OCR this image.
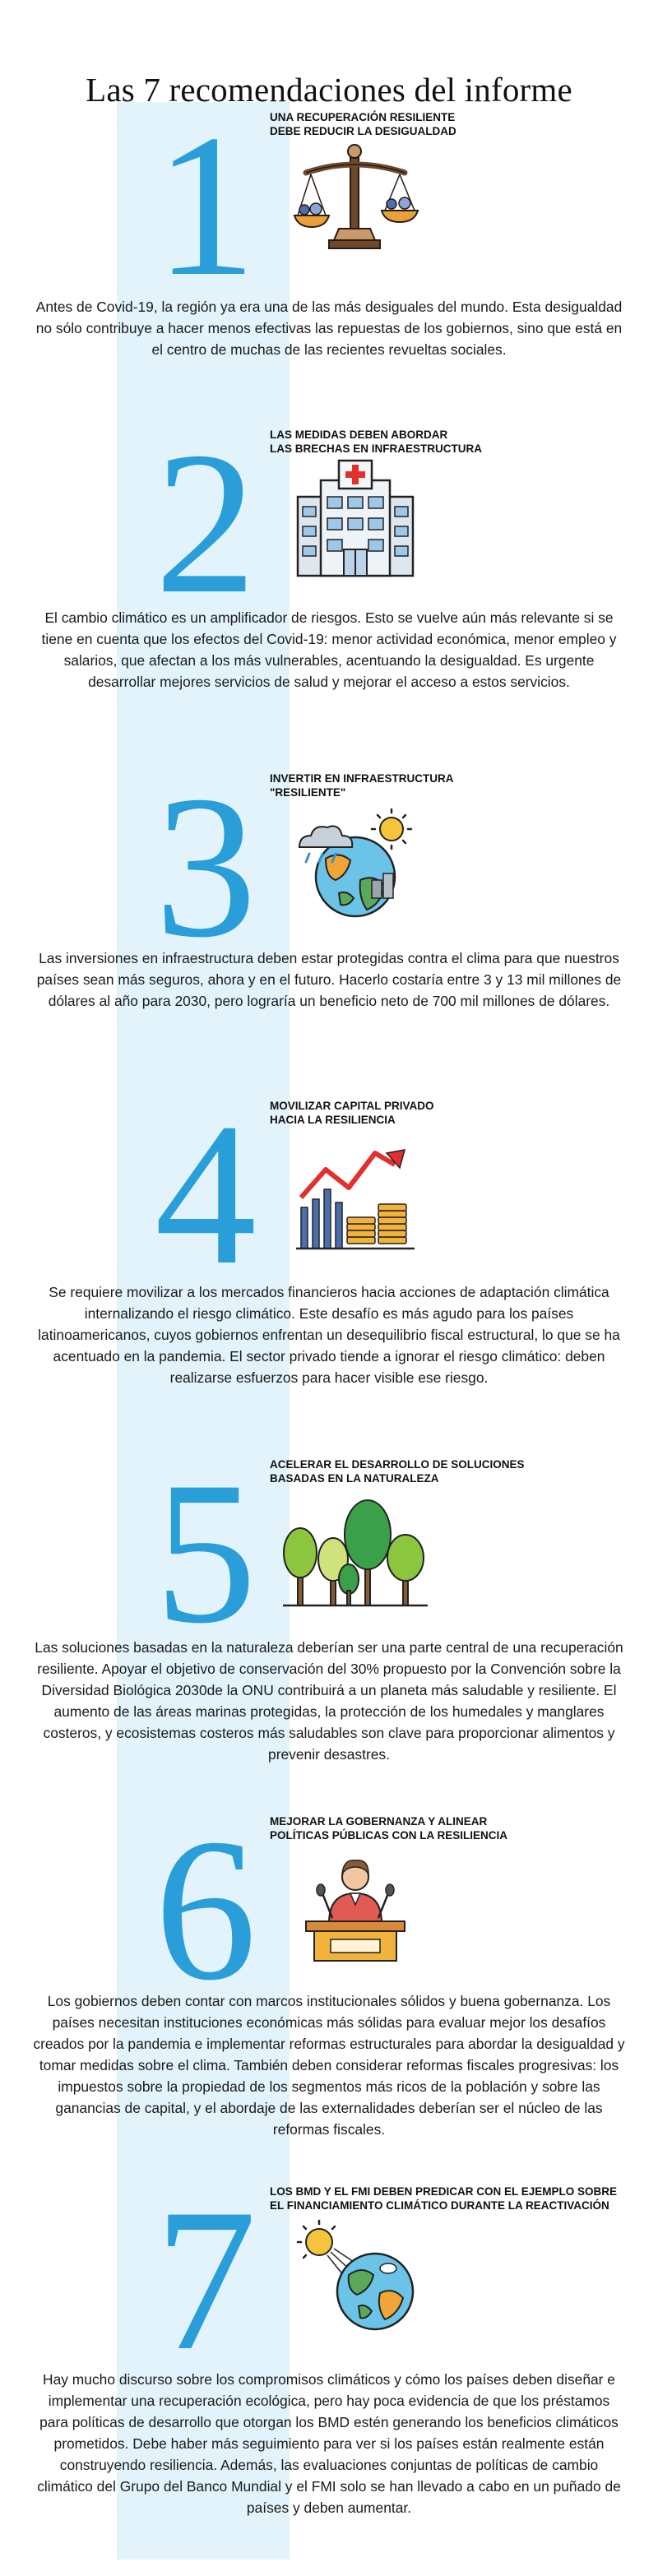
Las 7 recomendaciones del informe
1	UNA RECUPERACIÓN RESILIENTE
DEBE REDUCIR LA DESIGUALDAD

Antes de Covid-19, la región ya era una de las más desiguales del mundo. Esta desigualdad no sólo contribuye a hacer menos efectivas las repuestas de los gobiernos, sino que está en el centro de muchas de las recientes revueltas sociales.

2	LAS MEDIDAS DEBEN ABORDAR
LAS BRECHAS EN INFRAESTRUCTURA

El cambio climático es un amplificador de riesgos. Esto se vuelve aún más relevante si se tiene en cuenta que los efectos del Covid-19: menor actividad económica, menor empleo y salarios, que afectan a los más vulnerables, acentuando la desigualdad. Es urgente desarrollar mejores servicios de salud y mejorar el acceso a estos servicios.

3	INVERTIR EN INFRAESTRUCTURA
"RESILIENTE"

Las inversiones en infraestructura deben estar protegidas contra el clima para que nuestros países sean más seguros, ahora y en el futuro. Hacerlo costaría entre 3 y 13 mil millones de dólares al año para 2030, pero lograría un beneficio neto de 700 mil millones de dólares.

4	MOVILIZAR CAPITAL PRIVADO
HACIA LA RESILIENCIA

Se requiere movilizar a los mercados financieros hacia acciones de adaptación climática internalizando el riesgo climático. Este desafío es más agudo para los países latinoamericanos, cuyos gobiernos enfrentan un desequilibrio fiscal estructural, lo que se ha acentuado en la pandemia. El sector privado tiende a ignorar el riesgo climático: deben realizarse esfuerzos para hacer visible ese riesgo.

5	ACELERAR EL DESARROLLO DE SOLUCIONES
BASADAS EN LA NATURALEZA

Las soluciones basadas en la naturaleza deberían ser una parte central de una recuperación resiliente. Apoyar el objetivo de conservación del 30% propuesto por la Convención sobre la Diversidad Biológica 2030de la ONU contribuirá a un planeta más saludable y resiliente. El aumento de las áreas marinas protegidas, la protección de los humedales y manglares costeros, y ecosistemas costeros más saludables son clave para proporcionar alimentos y prevenir desastres.

6	MEJORAR LA GOBERNANZA Y ALINEAR
POLÍTICAS PÚBLICAS CON LA RESILIENCIA

Los gobiernos deben contar con marcos institucionales sólidos y buena gobernanza. Los países necesitan instituciones económicas más sólidas para evaluar mejor los desafíos creados por la pandemia e implementar reformas estructurales para abordar la desigualdad y tomar medidas sobre el clima. También deben considerar reformas fiscales progresivas: los impuestos sobre la propiedad de los segmentos más ricos de la población y sobre las ganancias de capital, y el abordaje de las externalidades deberían ser el núcleo de las reformas fiscales.

7	LOS BMD Y EL FMI DEBEN PREDICAR CON EL EJEMPLO SOBRE
EL FINANCIAMIENTO CLIMÁTICO DURANTE LA REACTIVACIÓN

Hay mucho discurso sobre los compromisos climáticos y cómo los países deben diseñar e implementar una recuperación ecológica, pero hay poca evidencia de que los préstamos para políticas de desarrollo que otorgan los BMD estén generando los beneficios climáticos prometidos. Debe haber más seguimiento para ver si los países están realmente están construyendo resiliencia. Además, las evaluaciones conjuntas de políticas de cambio climático del Grupo del Banco Mundial y el FMI solo se han llevado a cabo en un puñado de países y deben aumentar.
